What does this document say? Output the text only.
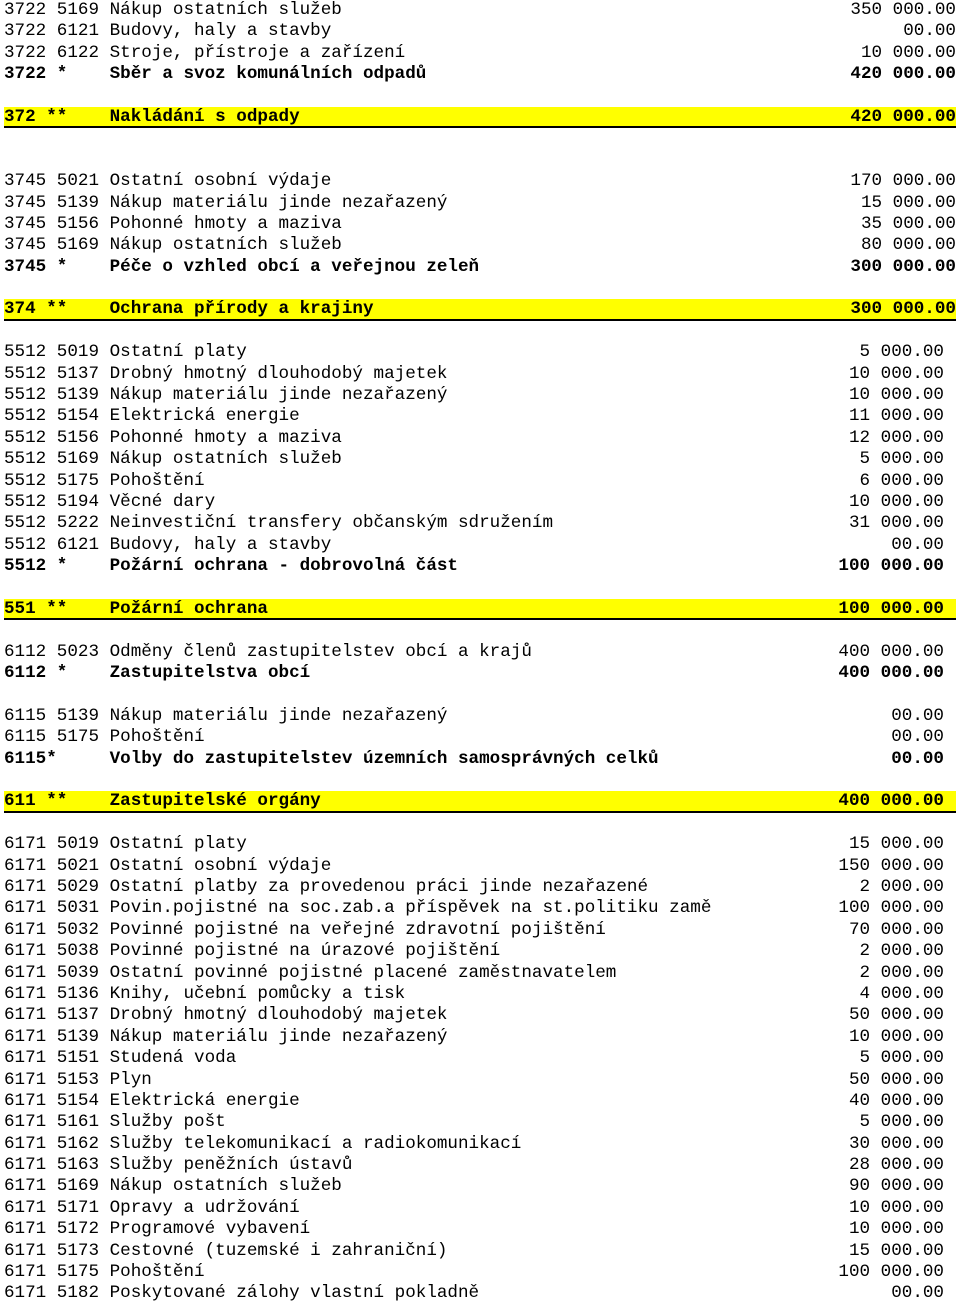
3722 5169 Nákup ostatních služeb	350 000.00
3722 6121 Budovy, haly a stavby	00.00
3722 6122 Stroje, přístroje a zařízení	10 000.00
3722 *    Sběr a svoz komunálních odpadů	420 000.00
372 **    Nakládání s odpady	420 000.00
3745 5021 Ostatní osobní výdaje	170 000.00
3745 5139 Nákup materiálu jinde nezařazený	15 000.00
3745 5156 Pohonné hmoty a maziva	35 000.00
3745 5169 Nákup ostatních služeb	80 000.00
3745 *    Péče o vzhled obcí a veřejnou zeleň	300 000.00
374 **    Ochrana přírody a krajiny	300 000.00
5512 5019 Ostatní platy	5 000.00
5512 5137 Drobný hmotný dlouhodobý majetek	10 000.00
5512 5139 Nákup materiálu jinde nezařazený	10 000.00
5512 5154 Elektrická energie	11 000.00
5512 5156 Pohonné hmoty a maziva	12 000.00
5512 5169 Nákup ostatních služeb	5 000.00
5512 5175 Pohoštění	6 000.00
5512 5194 Věcné dary	10 000.00
5512 5222 Neinvestiční transfery občanským sdružením	31 000.00
5512 6121 Budovy, haly a stavby	00.00
5512 *    Požární ochrana - dobrovolná část	100 000.00
551 **    Požární ochrana	100 000.00
6112 5023 Odměny členů zastupitelstev obcí a krajů	400 000.00
6112 *    Zastupitelstva obcí	400 000.00
6115 5139 Nákup materiálu jinde nezařazený	00.00
6115 5175 Pohoštění	00.00
6115*     Volby do zastupitelstev územních samosprávných celků	00.00
611 **    Zastupitelské orgány	400 000.00
6171 5019 Ostatní platy	15 000.00
6171 5021 Ostatní osobní výdaje	150 000.00
6171 5029 Ostatní platby za provedenou práci jinde nezařazené	2 000.00
6171 5031 Povin.pojistné na soc.zab.a příspěvek na st.politiku zamě	100 000.00
6171 5032 Povinné pojistné na veřejné zdravotní pojištění	70 000.00
6171 5038 Povinné pojistné na úrazové pojištění	2 000.00
6171 5039 Ostatní povinné pojistné placené zaměstnavatelem	2 000.00
6171 5136 Knihy, učební pomůcky a tisk	4 000.00
6171 5137 Drobný hmotný dlouhodobý majetek	50 000.00
6171 5139 Nákup materiálu jinde nezařazený	10 000.00
6171 5151 Studená voda	5 000.00
6171 5153 Plyn	50 000.00
6171 5154 Elektrická energie	40 000.00
6171 5161 Služby pošt	5 000.00
6171 5162 Služby telekomunikací a radiokomunikací	30 000.00
6171 5163 Služby peněžních ústavů	28 000.00
6171 5169 Nákup ostatních služeb	90 000.00
6171 5171 Opravy a udržování	10 000.00
6171 5172 Programové vybavení	10 000.00
6171 5173 Cestovné (tuzemské i zahraniční)	15 000.00
6171 5175 Pohoštění	100 000.00
6171 5182 Poskytované zálohy vlastní pokladně	00.00
